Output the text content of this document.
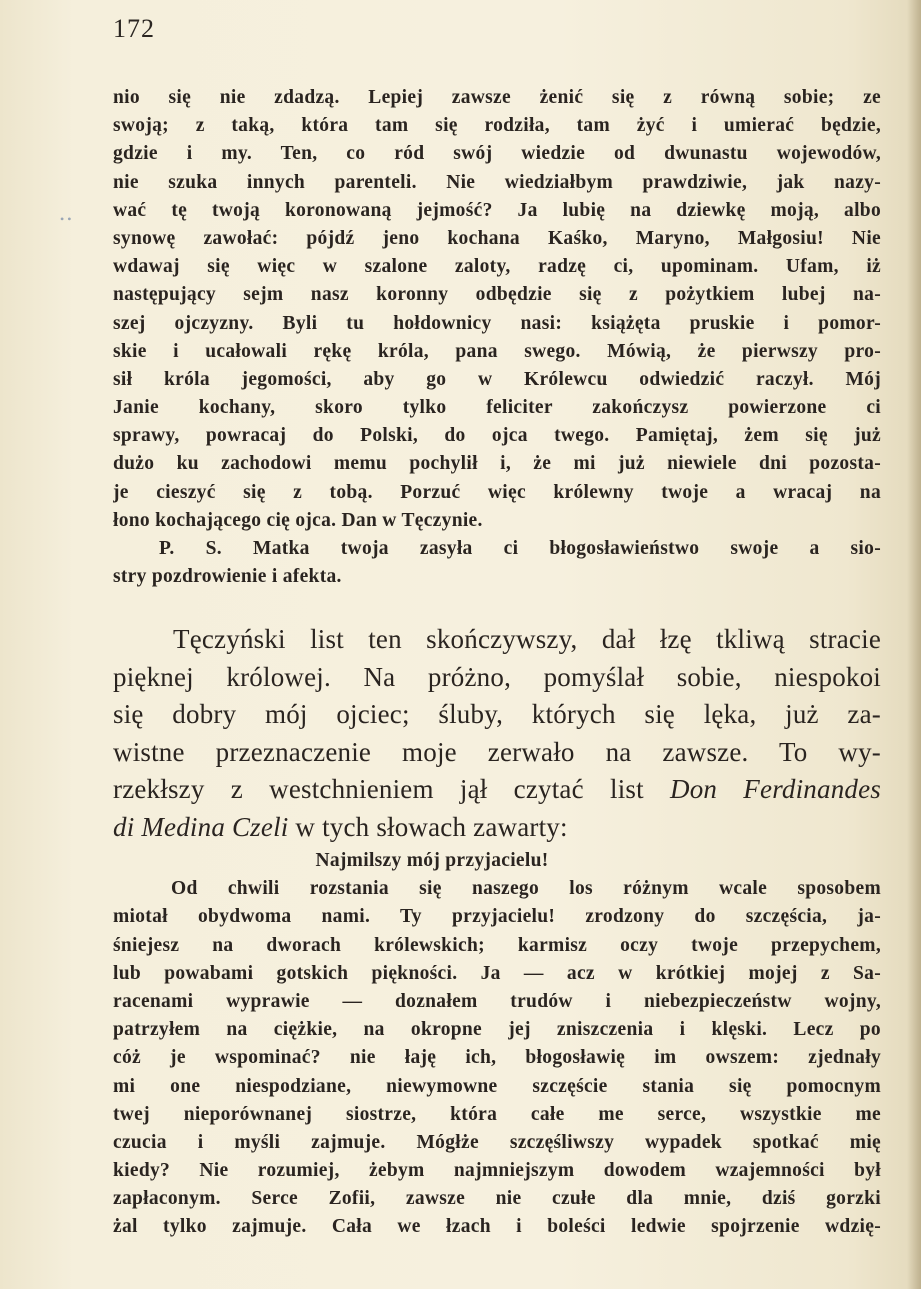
172
• •
nio się nie zdadzą. Lepiej zawsze żenić się z równą sobie; ze
swoją; z taką, która tam się rodziła, tam żyć i umierać będzie,
gdzie i my. Ten, co ród swój wiedzie od dwunastu wojewodów,
nie szuka innych parenteli. Nie wiedziałbym prawdziwie, jak nazy-
wać tę twoją koronowaną jejmość? Ja lubię na dziewkę moją, albo
synowę zawołać: pójdź jeno kochana Kaśko, Maryno, Małgosiu! Nie
wdawaj się więc w szalone zaloty, radzę ci, upominam. Ufam, iż
następujący sejm nasz koronny odbędzie się z pożytkiem lubej na-
szej ojczyzny. Byli tu hołdownicy nasi: książęta pruskie i pomor-
skie i ucałowali rękę króla, pana swego. Mówią, że pierwszy pro-
sił króla jegomości, aby go w Królewcu odwiedzić raczył. Mój
Janie kochany, skoro tylko feliciter zakończysz powierzone ci
sprawy, powracaj do Polski, do ojca twego. Pamiętaj, żem się już
dużo ku zachodowi memu pochylił i, że mi już niewiele dni pozosta-
je cieszyć się z tobą. Porzuć więc królewny twoje a wracaj na
łono kochającego cię ojca. Dan w Tęczynie.
P. S. Matka twoja zasyła ci błogosławieństwo swoje a sio-
stry pozdrowienie i afekta.
Tęczyński list ten skończywszy, dał łzę tkliwą stracie
pięknej królowej. Na próżno, pomyślał sobie, niespokoi
się dobry mój ojciec; śluby, których się lęka, już za-
wistne przeznaczenie moje zerwało na zawsze. To wy-
rzekłszy z westchnieniem jął czytać list Don Ferdinandes
di Medina Czeli w tych słowach zawarty:
Najmilszy mój przyjacielu!
Od chwili rozstania się naszego los różnym wcale sposobem
miotał obydwoma nami. Ty przyjacielu! zrodzony do szczęścia, ja-
śniejesz na dworach królewskich; karmisz oczy twoje przepychem,
lub powabami gotskich piękności. Ja — acz w krótkiej mojej z Sa-
racenami wyprawie — doznałem trudów i niebezpieczeństw wojny,
patrzyłem na ciężkie, na okropne jej zniszczenia i klęski. Lecz po
cóż je wspominać? nie łaję ich, błogosławię im owszem: zjednały
mi one niespodziane, niewymowne szczęście stania się pomocnym
twej nieporównanej siostrze, która całe me serce, wszystkie me
czucia i myśli zajmuje. Mógłże szczęśliwszy wypadek spotkać mię
kiedy? Nie rozumiej, żebym najmniejszym dowodem wzajemności był
zapłaconym. Serce Zofii, zawsze nie czułe dla mnie, dziś gorzki
żal tylko zajmuje. Cała we łzach i boleści ledwie spojrzenie wdzię-
